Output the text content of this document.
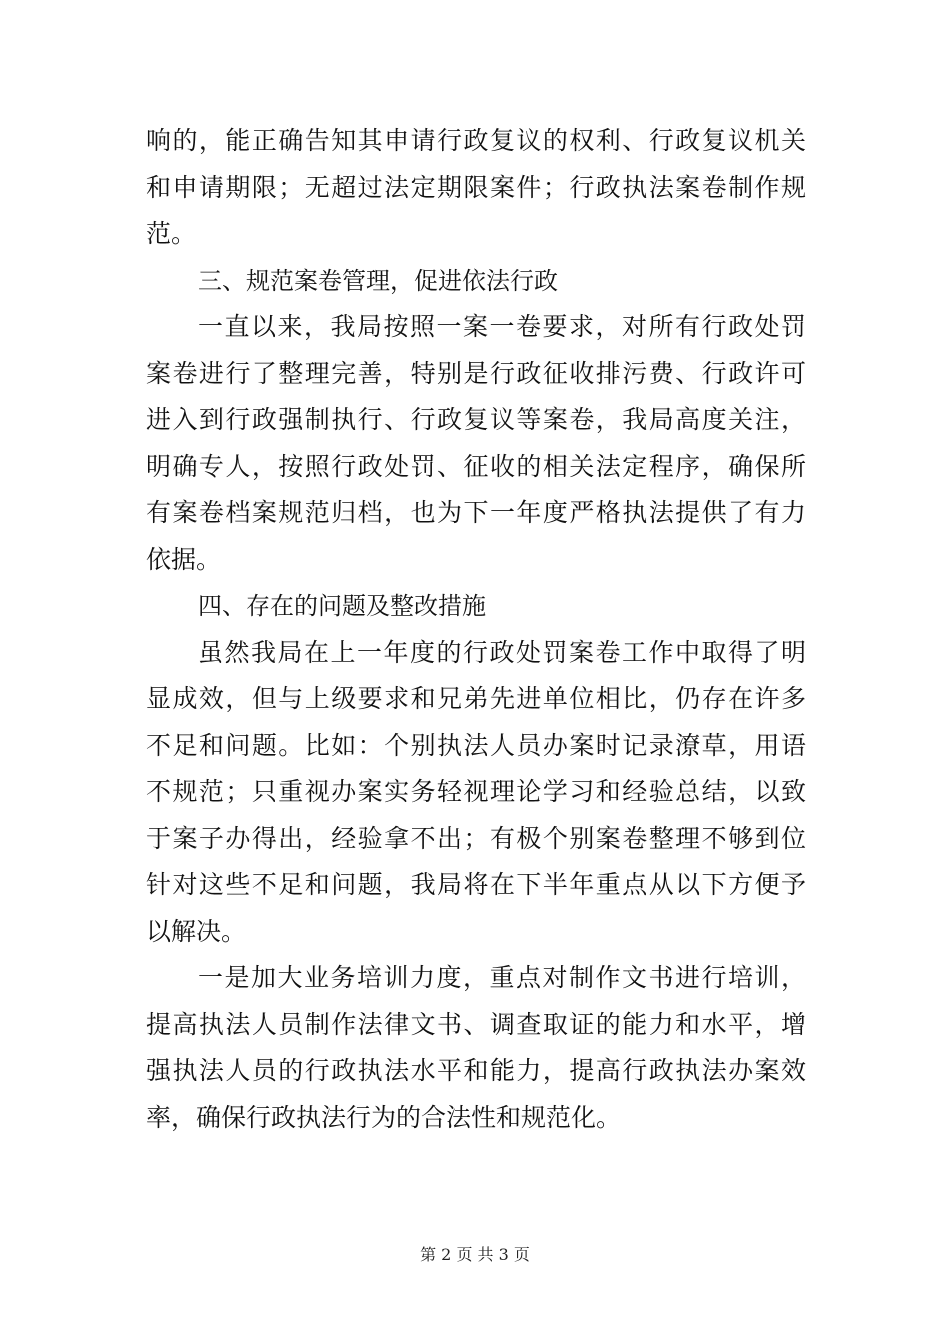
响的，能正确告知其申请行政复议的权利、行政复议机关
和申请期限；无超过法定期限案件；行政执法案卷制作规
范。
三、规范案卷管理，促进依法行政
一直以来，我局按照一案一卷要求，对所有行政处罚
案卷进行了整理完善，特别是行政征收排污费、行政许可
进入到行政强制执行、行政复议等案卷，我局高度关注，
明确专人，按照行政处罚、征收的相关法定程序，确保所
有案卷档案规范归档，也为下一年度严格执法提供了有力
依据。
四、存在的问题及整改措施
虽然我局在上一年度的行政处罚案卷工作中取得了明
显成效，但与上级要求和兄弟先进单位相比，仍存在许多
不足和问题。比如：个别执法人员办案时记录潦草，用语
不规范；只重视办案实务轻视理论学习和经验总结，以致
于案子办得出，经验拿不出；有极个别案卷整理不够到位
针对这些不足和问题，我局将在下半年重点从以下方便予
以解决。
一是加大业务培训力度，重点对制作文书进行培训，
提高执法人员制作法律文书、调查取证的能力和水平，增
强执法人员的行政执法水平和能力，提高行政执法办案效
率，确保行政执法行为的合法性和规范化。
第 2 页 共 3 页
